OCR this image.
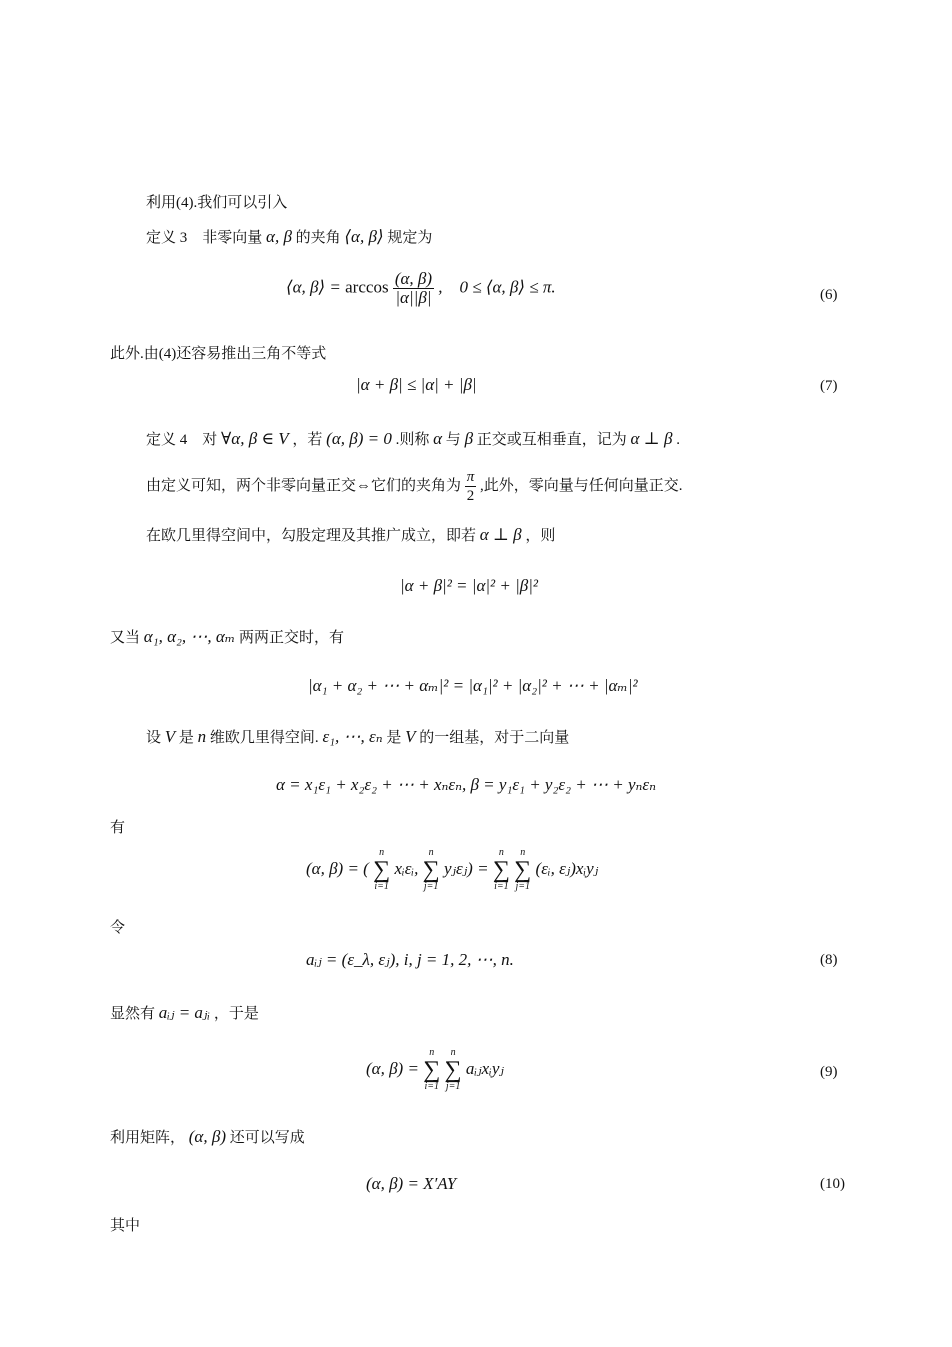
利用(4).我们可以引入
定义 3　非零向量 α, β 的夹角 ⟨α, β⟩ 规定为
⟨α, β⟩ = $\arccos \frac{(\alpha, \beta)}{|\alpha||\beta|}$ ,　0 ≤ ⟨α, β⟩ ≤ π.	(6)
此外.由(4)还容易推出三角不等式
|α + β| ≤ |α| + |β|	(7)
定义 4　对 ∀α, β ∈ V ，若 (α, β) = 0 .则称 α 与 β 正交或互相垂直，记为 α ⊥ β .
由定义可知，两个非零向量正交⇔它们的夹角为 $\frac{\pi}{2}$ ,此外，零向量与任何向量正交.
在欧几里得空间中，勾股定理及其推广成立，即若 α ⊥ β ，则
|α + β|² = |α|² + |β|²
又当 α₁, α₂, ⋯, αₘ 两两正交时，有
|α₁ + α₂ + ⋯ + αₘ|² = |α₁|² + |α₂|² + ⋯ + |αₘ|²
设 V 是 n 维欧几里得空间. ε₁, ⋯, εₙ 是 V 的一组基，对于二向量
α = x₁ε₁ + x₂ε₂ + ⋯ + xₙεₙ, β = y₁ε₁ + y₂ε₂ + ⋯ + yₙεₙ
有
(α, β) = (
n
∑
i=1
xᵢεᵢ,
n
∑
j=1
yⱼεⱼ) =
n
∑
i=1

n
∑
j=1
(εᵢ, εⱼ)xᵢyⱼ
令
aᵢⱼ = (ε_λ, εⱼ), i, j = 1, 2, ⋯, n.	(8)
显然有 aᵢⱼ = aⱼᵢ ，于是
(α, β) =
n
∑
i=1

n
∑
j=1
aᵢⱼxᵢyⱼ	(9)
利用矩阵， (α, β) 还可以写成
(α, β) = X′AY	(10)
其中
